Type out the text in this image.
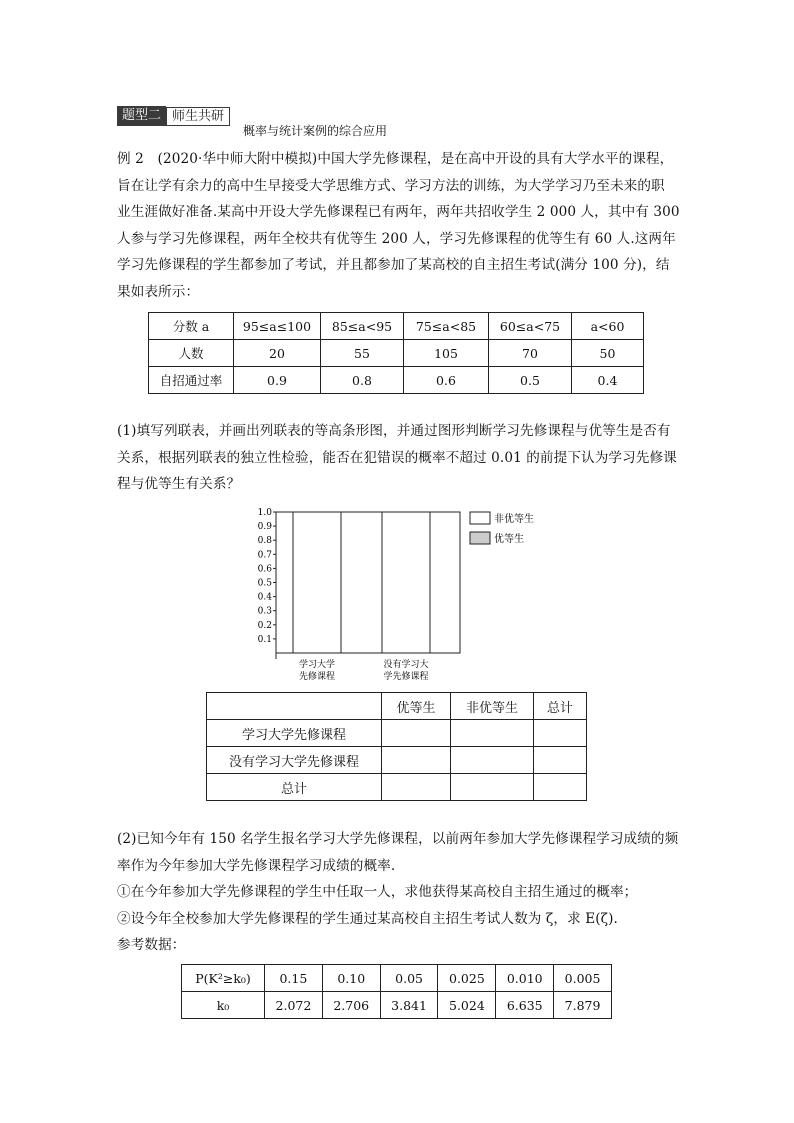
题型二 师生共研
概率与统计案例的综合应用

例 2　(2020·华中师大附中模拟)中国大学先修课程，是在高中开设的具有大学水平的课程，

旨在让学有余力的高中生早接受大学思维方式、学习方法的训练，为大学学习乃至未来的职

业生涯做好准备.某高中开设大学先修课程已有两年，两年共招收学生 2 000 人，其中有 300

人参与学习先修课程，两年全校共有优等生 200 人，学习先修课程的优等生有 60 人.这两年

学习先修课程的学生都参加了考试，并且都参加了某高校的自主招生考试(满分 100 分)，结

果如表所示：

分数 a	95≤a≤100	85≤a<95	75≤a<85	60≤a<75	a<60
人数	20	55	105	70	50
自招通过率	0.9	0.8	0.6	0.5	0.4

(1)填写列联表，并画出列联表的等高条形图，并通过图形判断学习先修课程与优等生是否有

关系，根据列联表的独立性检验，能否在犯错误的概率不超过 0.01 的前提下认为学习先修课

程与优等生有关系？

0.1
0.2
0.3
0.4
0.5
0.6
0.7
0.8
0.9
1.0
学习大学
先修课程
没有学习大
学先修课程
非优等生
优等生
	优等生	非优等生	总计
学习大学先修课程			
没有学习大学先修课程			
总计			

(2)已知今年有 150 名学生报名学习大学先修课程，以前两年参加大学先修课程学习成绩的频

率作为今年参加大学先修课程学习成绩的概率.

①在今年参加大学先修课程的学生中任取一人，求他获得某高校自主招生通过的概率；

②设今年全校参加大学先修课程的学生通过某高校自主招生考试人数为 ζ，求 E(ζ).

参考数据：

P(K²≥k₀)	0.15	0.10	0.05	0.025	0.010	0.005
k₀	2.072	2.706	3.841	5.024	6.635	7.879
